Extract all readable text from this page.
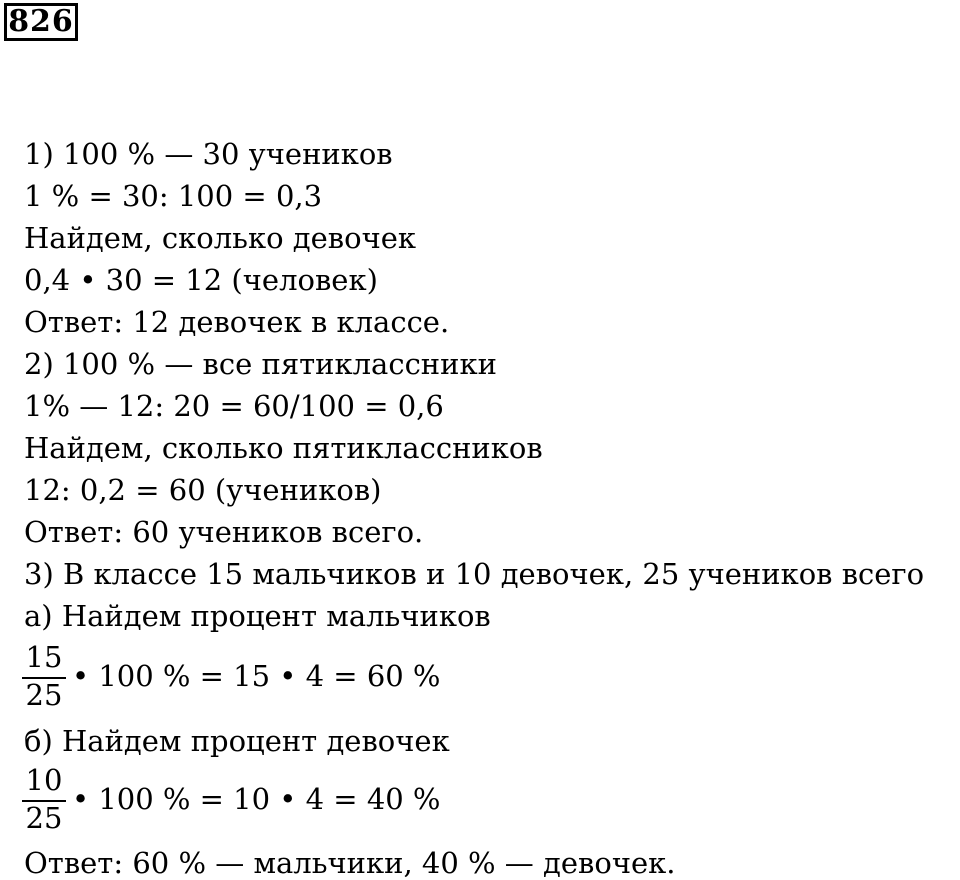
826
1) 100 % — 30 учеников
1 % = 30: 100 = 0,3
Найдем, сколько девочек
0,4 • 30 = 12 (человек)
Ответ: 12 девочек в классе.
2) 100 % — все пятиклассники
1% — 12: 20 = 60/100 = 0,6
Найдем, сколько пятиклассников
12: 0,2 = 60 (учеников)
Ответ: 60 учеников всего.
3) В классе 15 мальчиков и 10 девочек, 25 учеников всего
а) Найдем процент мальчиков
15
25
• 100 % = 15 • 4 = 60 %
б) Найдем процент девочек
10
25
• 100 % = 10 • 4 = 40 %
Ответ: 60 % — мальчики, 40 % — девочек.
